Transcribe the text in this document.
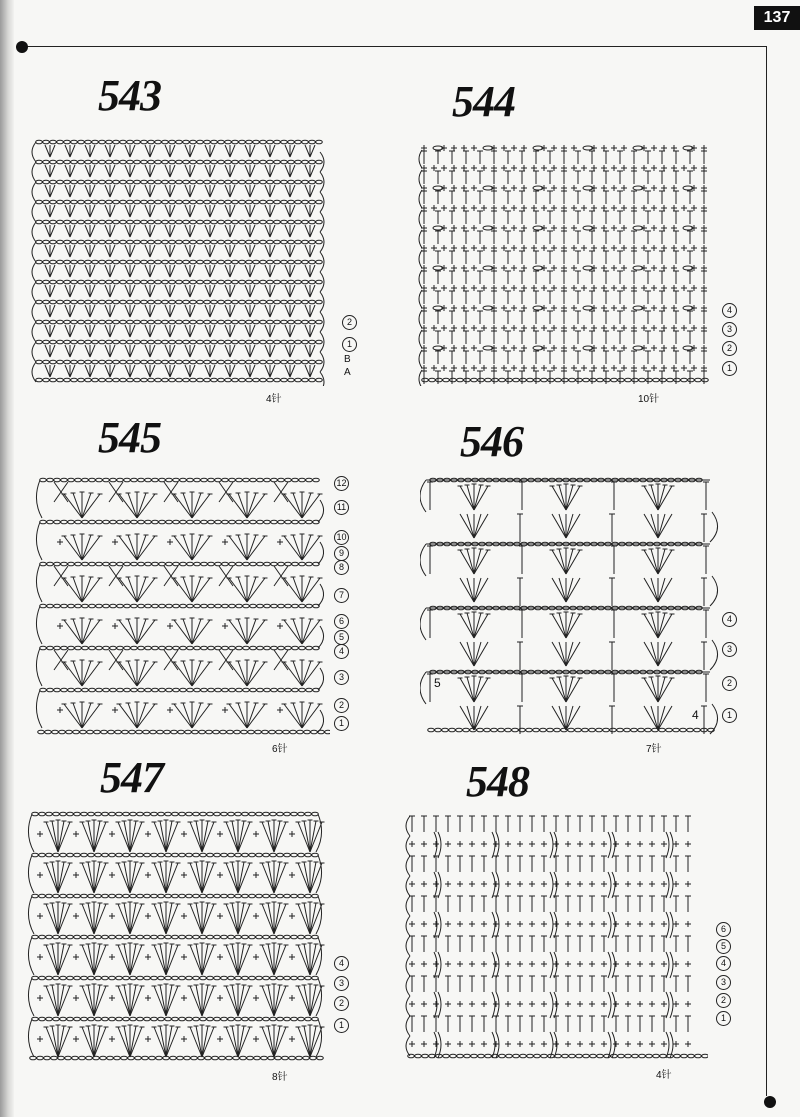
137
543
2
1
B
A
4针
544
4
3
2
1
10针
545
12
11
10
9
8
7
6
5
4
3
2
1
6针
546
4
3
2
1
5
4
7针
547
4
3
2
1
8针
548
6
5
4
3
2
1
4针
